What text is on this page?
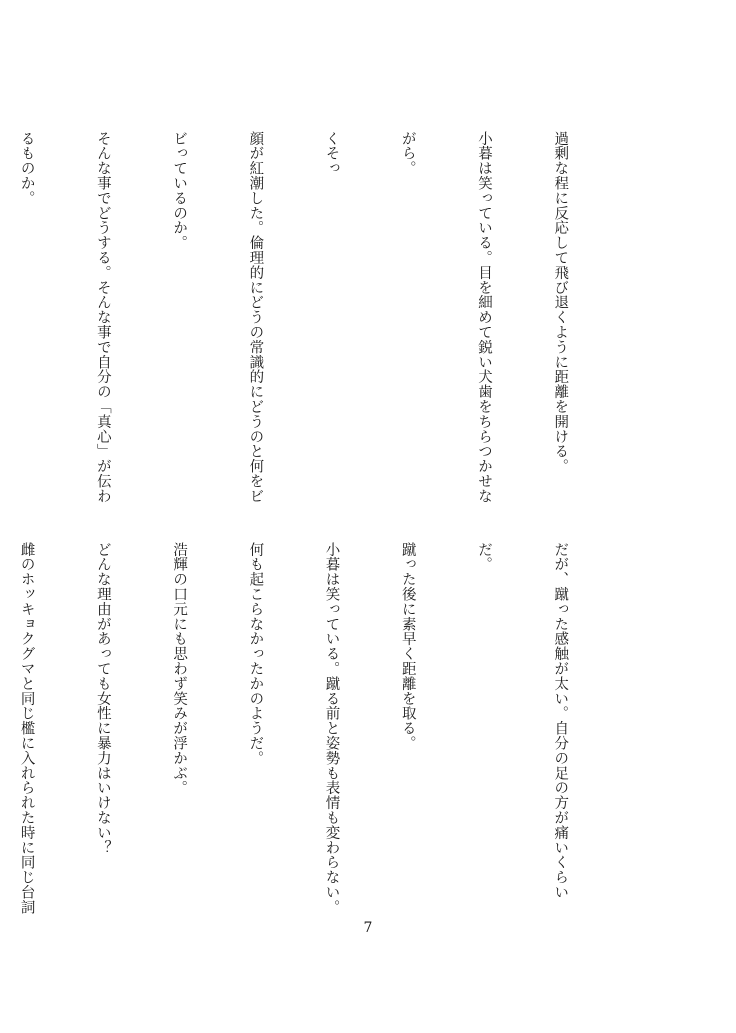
過剰な程に反応して飛び退くように距離を開ける。

小暮は笑っている。目を細めて鋭い犬歯をちらつかせな

がら。

くそっ

顔が紅潮した。倫理的にどうの常識的にどうのと何をビ

ビっているのか。

そんな事でどうする。そんな事で自分の「真心」が伝わ

るものか。

だが、蹴った感触が太い。自分の足の方が痛いくらい

だ。

蹴った後に素早く距離を取る。

小暮は笑っている。蹴る前と姿勢も表情も変わらない。

何も起こらなかったかのようだ。

浩輝の口元にも思わず笑みが浮かぶ。

どんな理由があっても女性に暴力はいけない？

雌のホッキョクグマと同じ檻に入れられた時に同じ台詞

7
